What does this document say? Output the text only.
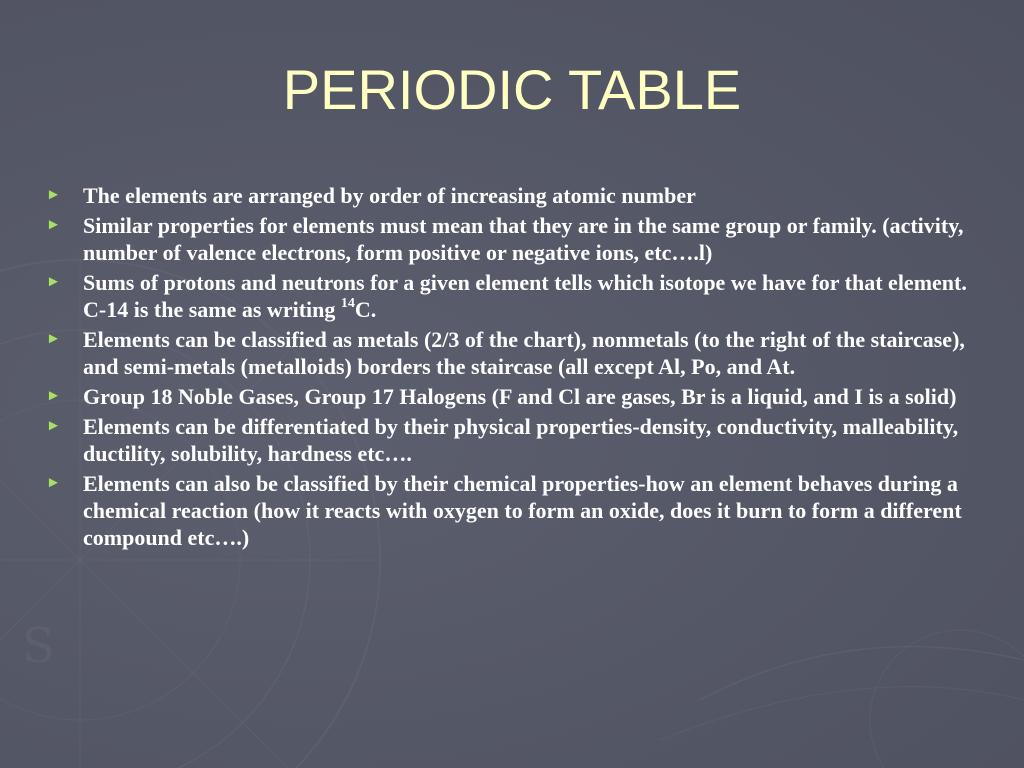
S
PERIODIC TABLE
► The elements are arranged by order of increasing atomic number
► Similar properties for elements must mean that they are in the same group or family. (activity, number of valence electrons, form positive or negative ions, etc….l)
► Sums of protons and neutrons for a given element tells which isotope we have for that element. C-14 is the same as writing $^{14}$C.
► Elements can be classified as metals (2/3 of the chart), nonmetals (to the right of the staircase), and semi-metals (metalloids) borders the staircase (all except Al, Po, and At.
► Group 18 Noble Gases, Group 17 Halogens (F and Cl are gases, Br is a liquid, and I is a solid)
► Elements can be differentiated by their physical properties-density, conductivity, malleability, ductility, solubility, hardness etc….
► Elements can also be classified by their chemical properties-how an element behaves during a chemical reaction (how it reacts with oxygen to form an oxide, does it burn to form a different compound etc….)
